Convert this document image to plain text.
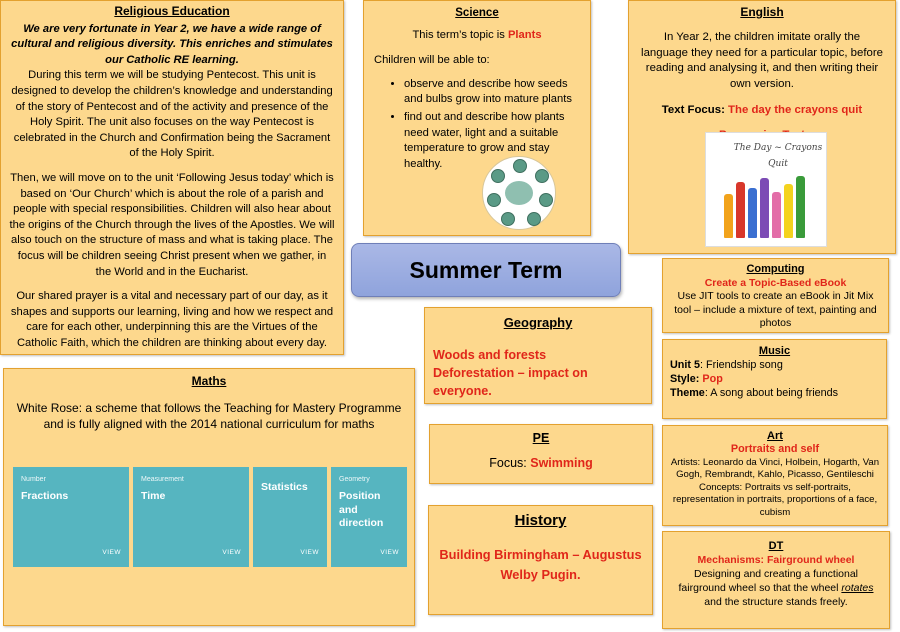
Religious Education

We are very fortunate in Year 2, we have a wide range of cultural and religious diversity. This enriches and stimulates our Catholic RE learning.

During this term we will be studying Pentecost. This unit is designed to develop the children’s knowledge and understanding of the story of Pentecost and of the activity and presence of the Holy Spirit. The unit also focuses on the way Pentecost is celebrated in the Church and Confirmation being the Sacrament of the Holy Spirit.

Then, we will move on to the unit ‘Following Jesus today’ which is based on ‘Our Church’ which is about the role of a parish and people with special responsibilities. Children will also hear about the origins of the Church through the lives of the Apostles. We will also touch on the structure of mass and what is taking place. The focus will be children seeing Christ present when we gather, in the World and in the Eucharist.

Our shared prayer is a vital and necessary part of our day, as it shapes and supports our learning, living and how we respect and care for each other, underpinning this are the Virtues of the Catholic Faith, which the children are thinking about every day.

Science
This term’s topic is Plants
Children will be able to:
• observe and describe how seeds and bulbs grow into mature plants
• find out and describe how plants need water, light and a suitable temperature to grow and stay healthy.
English

In Year 2, the children imitate orally the language they need for a particular topic, before reading and analysing it, and then writing their own version.

Text Focus: The day the crayons quit

The Day ~ Crayons Quit
Summer Term	Computing
Create a Topic-Based eBook
Use JIT tools to create an eBook in Jit Mix tool – include a mixture of text, painting and photos
Geography
Woods and forests
Deforestation – impact on everyone.
Music
Unit 5: Friendship song
Style: Pop
Theme: A song about being friends
Maths

White Rose: a scheme that follows the Teaching for Mastery Programme and is fully aligned with the 2014 national curriculum for maths

Number
Fractions
VIEW
Measurement
Time
VIEW
Statistics
VIEW
Geometry
Position and direction
VIEW
PE
Focus: Swimming
Art
Portraits and self
Artists: Leonardo da Vinci, Holbein, Hogarth, Van Gogh, Rembrandt, Kahlo, Picasso, Gentileschi
Concepts: Portraits vs self-portraits, representation in portraits, proportions of a face, cubism
History
Building Birmingham – Augustus Welby Pugin.
DT
Mechanisms: Fairground wheel
Designing and creating a functional fairground wheel so that the wheel rotates and the structure stands freely.
